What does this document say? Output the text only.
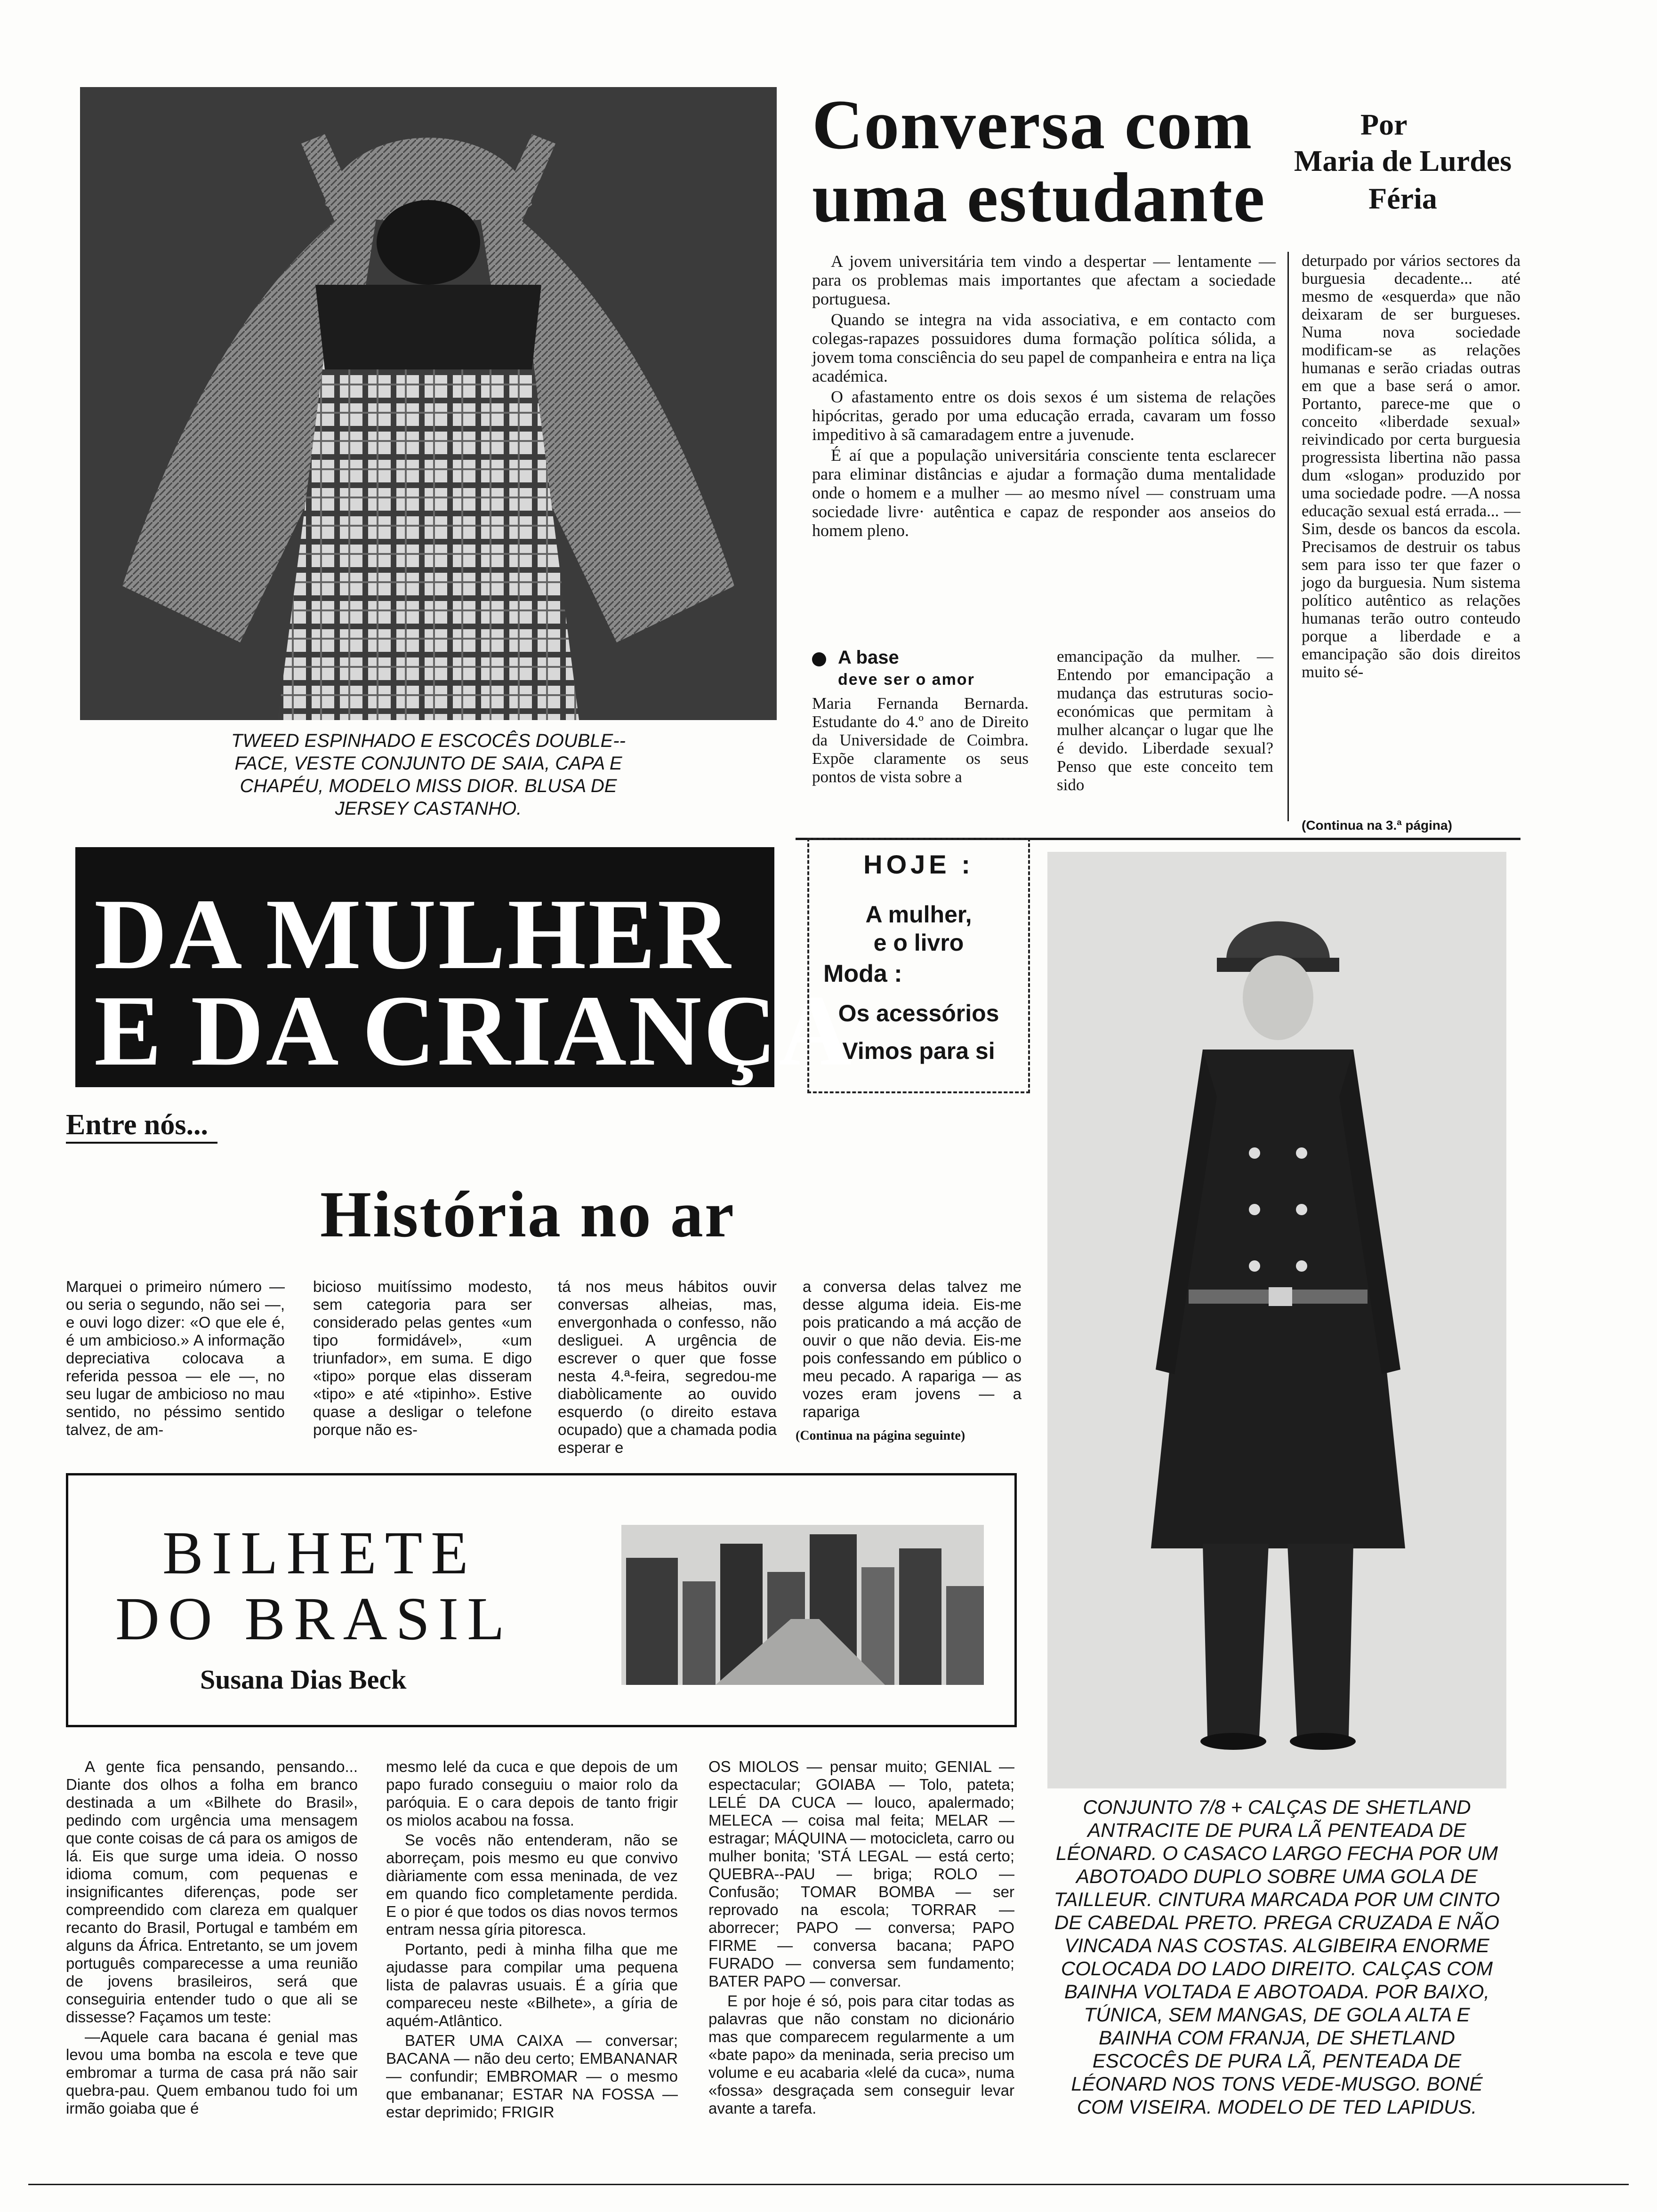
TWEED ESPINHADO E ESCOCÊS DOUBLE--FACE, VESTE CONJUNTO DE SAIA, CAPA E CHAPÉU, MODELO MISS DIOR. BLUSA DE JERSEY CASTANHO.
Conversa com
uma estudante
Por
Maria de Lurdes
Féria

A jovem universitária tem vindo a despertar — lentamente — para os problemas mais importantes que afectam a sociedade portuguesa.

Quando se integra na vida associativa, e em contacto com colegas-rapazes possuidores duma formação política sólida, a jovem toma consciência do seu papel de companheira e entra na liça académica.

O afastamento entre os dois sexos é um sistema de relações hipócritas, gerado por uma educação errada, cavaram um fosso impeditivo à sã camaradagem entre a juvenude.

É aí que a população universitária consciente tenta esclarecer para eliminar distâncias e ajudar a formação duma mentalidade onde o homem e a mulher — ao mesmo nível — construam uma sociedade livre· autêntica e capaz de responder aos anseios do homem pleno.

A base
deve ser o amor
Maria Fernanda Bernarda. Estudante do 4.º ano de Direito da Universidade de Coimbra. Expõe claramente os seus pontos de vista sobre a
emancipação da mulher. — Entendo por emancipação a mudança das estruturas socio-económicas que permitam à mulher alcançar o lugar que lhe é devido. Liberdade sexual? Penso que este conceito tem sido
deturpado por vários sectores da burguesia decadente... até mesmo de «esquerda» que não deixaram de ser burgueses. Numa nova sociedade modificam-se as relações humanas e serão criadas outras em que a base será o amor. Portanto, parece-me que o conceito «liberdade sexual» reivindicado por certa burguesia progressista libertina não passa dum «slogan» produzido por uma sociedade podre. —A nossa educação sexual está errada... — Sim, desde os bancos da escola. Precisamos de destruir os tabus sem para isso ter que fazer o jogo da burguesia. Num sistema político autêntico as relações humanas terão outro conteudo porque a liberdade e a emancipação são dois direitos muito sé-
(Continua na 3.ª página)
DA MULHER
E DA CRIANÇA
HOJE :
A mulher,
e o livro
Moda :
Os acessórios
Vimos para si
CONJUNTO 7/8 + CALÇAS DE SHETLAND ANTRACITE DE PURA LÃ PENTEADA DE LÉONARD. O CASACO LARGO FECHA POR UM ABOTOADO DUPLO SOBRE UMA GOLA DE TAILLEUR. CINTURA MARCADA POR UM CINTO DE CABEDAL PRETO. PREGA CRUZADA E NÃO VINCADA NAS COSTAS. ALGIBEIRA ENORME COLOCADA DO LADO DIREITO. CALÇAS COM BAINHA VOLTADA E ABOTOADA. POR BAIXO, TÚNICA, SEM MANGAS, DE GOLA ALTA E BAINHA COM FRANJA, DE SHETLAND ESCOCÊS DE PURA LÃ, PENTEADA DE LÉONARD NOS TONS VEDE-MUSGO. BONÉ COM VISEIRA. MODELO DE TED LAPIDUS.
Entre nós...
História no ar
Marquei o primeiro número — ou seria o segundo, não sei —, e ouvi logo dizer: «O que ele é, é um ambicioso.» A informação depreciativa colocava a referida pessoa — ele —, no seu lugar de ambicioso no mau sentido, no péssimo sentido talvez, de am-
bicioso muitíssimo modesto, sem categoria para ser considerado pelas gentes «um tipo formidável», «um triunfador», em suma. E digo «tipo» porque elas disseram «tipo» e até «tipinho». Estive quase a desligar o telefone porque não es-
tá nos meus hábitos ouvir conversas alheias, mas, envergonhada o confesso, não desliguei. A urgência de escrever o quer que fosse nesta 4.ª-feira, segredou-me diabòlicamente ao ouvido esquerdo (o direito estava ocupado) que a chamada podia esperar e
a conversa delas talvez me desse alguma ideia. Eis-me pois praticando a má acção de ouvir o que não devia. Eis-me pois confessando em público o meu pecado. A rapariga — as vozes eram jovens — a rapariga
(Continua na página seguinte)
BILHETE
DO BRASIL
Susana Dias Beck

A gente fica pensando, pensando... Diante dos olhos a folha em branco destinada a um «Bilhete do Brasil», pedindo com urgência uma mensagem que conte coisas de cá para os amigos de lá. Eis que surge uma ideia. O nosso idioma comum, com pequenas e insignificantes diferenças, pode ser compreendido com clareza em qualquer recanto do Brasil, Portugal e também em alguns da África. Entretanto, se um jovem português comparecesse a uma reunião de jovens brasileiros, será que conseguiria entender tudo o que ali se dissesse? Façamos um teste:

—Aquele cara bacana é genial mas levou uma bomba na escola e teve que embromar a turma de casa prá não sair quebra-pau. Quem embanou tudo foi um irmão goiaba que é

mesmo lelé da cuca e que depois de um papo furado conseguiu o maior rolo da paróquia. E o cara depois de tanto frigir os miolos acabou na fossa.

Se vocês não entenderam, não se aborreçam, pois mesmo eu que convivo diàriamente com essa meninada, de vez em quando fico completamente perdida. E o pior é que todos os dias novos termos entram nessa gíria pitoresca.

Portanto, pedi à minha filha que me ajudasse para compilar uma pequena lista de palavras usuais. É a gíria que compareceu neste «Bilhete», a gíria de aquém-Atlântico.

BATER UMA CAIXA — conversar; BACANA — não deu certo; EMBANANAR — confundir; EMBROMAR — o mesmo que embananar; ESTAR NA FOSSA — estar deprimido; FRIGIR

OS MIOLOS — pensar muito; GENIAL — espectacular; GOIABA — Tolo, pateta; LELÉ DA CUCA — louco, apalermado; MELECA — coisa mal feita; MELAR — estragar; MÁQUINA — motocicleta, carro ou mulher bonita; 'STÁ LEGAL — está certo; QUEBRA--PAU — briga; ROLO — Confusão; TOMAR BOMBA — ser reprovado na escola; TORRAR — aborrecer; PAPO — conversa; PAPO FIRME — conversa bacana; PAPO FURADO — conversa sem fundamento; BATER PAPO — conversar.

E por hoje é só, pois para citar todas as palavras que não constam no dicionário mas que comparecem regularmente a um «bate papo» da meninada, seria preciso um volume e eu acabaria «lelé da cuca», numa «fossa» desgraçada sem conseguir levar avante a tarefa.
